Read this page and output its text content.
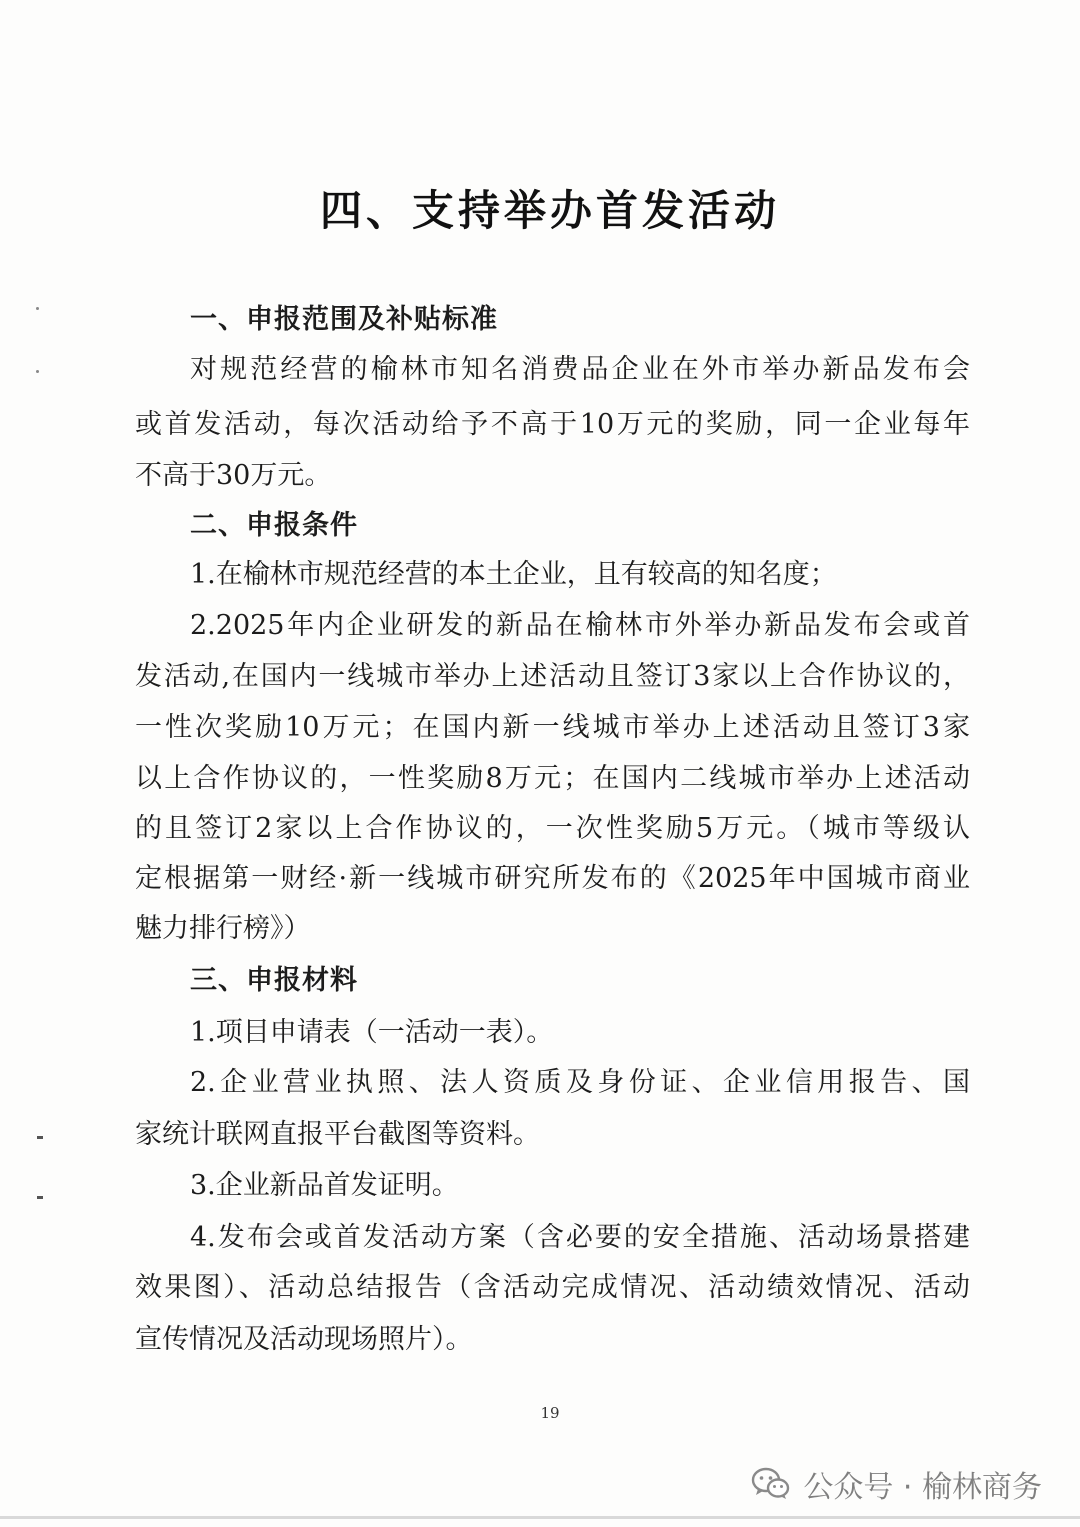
四、支持举办首发活动
一、申报范围及补贴标准
对规范经营的榆林市知名消费品企业在外市举办新品发布会
或首发活动，每次活动给予不高于10万元的奖励，同一企业每年
不高于30万元。
二、申报条件
1.在榆林市规范经营的本土企业，且有较高的知名度；
2.2025年内企业研发的新品在榆林市外举办新品发布会或首
发活动,在国内一线城市举办上述活动且签订3家以上合作协议的，
一性次奖励10万元；在国内新一线城市举办上述活动且签订3家
以上合作协议的，一性奖励8万元；在国内二线城市举办上述活动
的且签订2家以上合作协议的，一次性奖励5万元。（城市等级认
定根据第一财经·新一线城市研究所发布的《2025年中国城市商业
魅力排行榜》）
三、申报材料
1.项目申请表（一活动一表）。
2.企业营业执照、法人资质及身份证、企业信用报告、国
家统计联网直报平台截图等资料。
3.企业新品首发证明。
4.发布会或首发活动方案（含必要的安全措施、活动场景搭建
效果图）、活动总结报告（含活动完成情况、活动绩效情况、活动
宣传情况及活动现场照片）。
19
公众号 · 榆林商务
